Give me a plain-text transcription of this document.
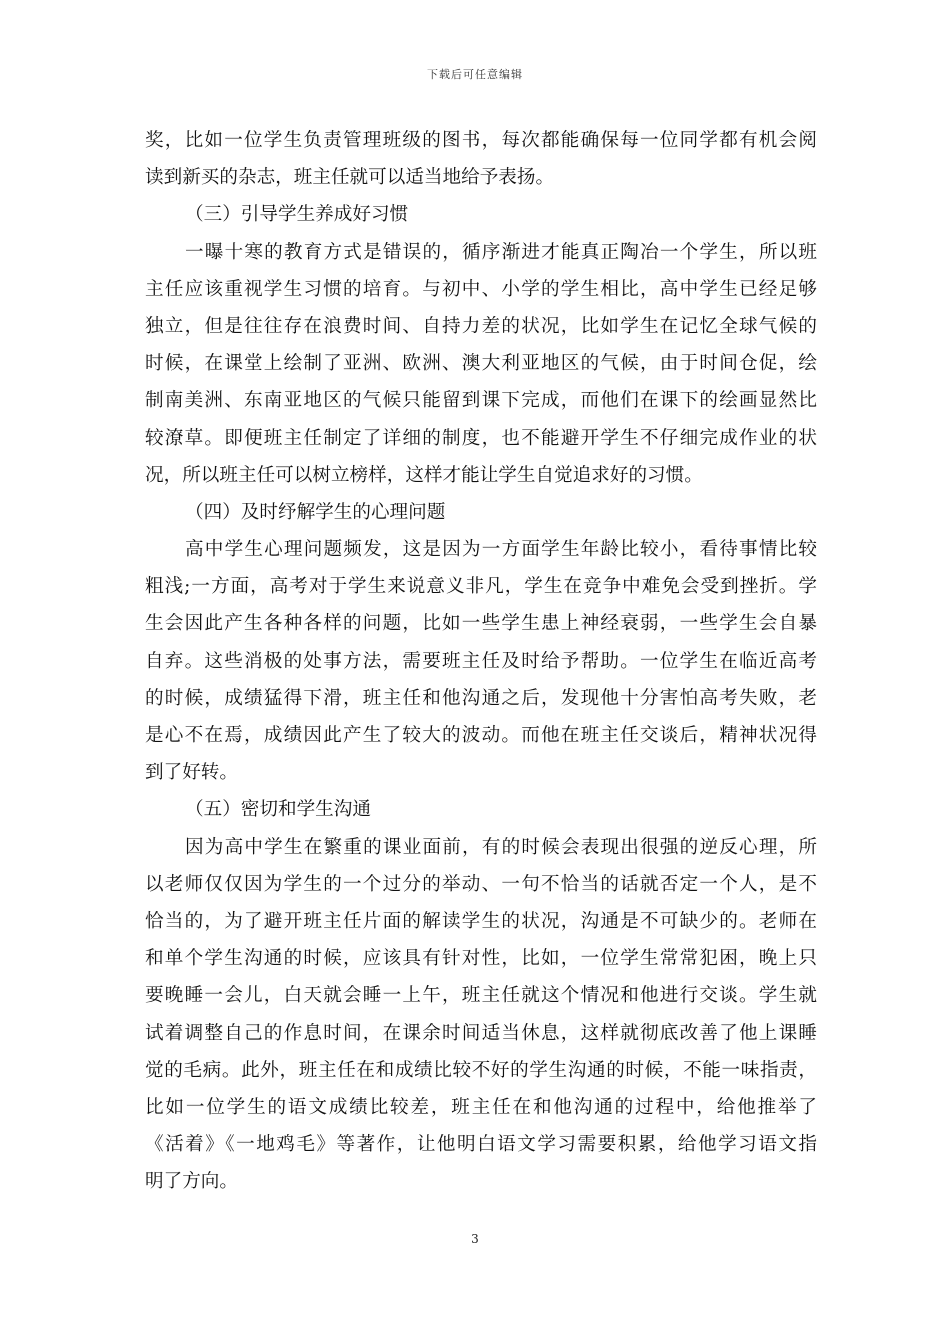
下载后可任意编辑
奖，比如一位学生负责管理班级的图书，每次都能确保每一位同学都有机会阅
读到新买的杂志，班主任就可以适当地给予表扬。
（三）引导学生养成好习惯
一曝十寒的教育方式是错误的，循序渐进才能真正陶冶一个学生，所以班
主任应该重视学生习惯的培育。与初中、小学的学生相比，高中学生已经足够
独立，但是往往存在浪费时间、自持力差的状况，比如学生在记忆全球气候的
时候，在课堂上绘制了亚洲、欧洲、澳大利亚地区的气候，由于时间仓促，绘
制南美洲、东南亚地区的气候只能留到课下完成，而他们在课下的绘画显然比
较潦草。即便班主任制定了详细的制度，也不能避开学生不仔细完成作业的状
况，所以班主任可以树立榜样，这样才能让学生自觉追求好的习惯。
（四）及时纾解学生的心理问题
高中学生心理问题频发，这是因为一方面学生年龄比较小，看待事情比较
粗浅;一方面，高考对于学生来说意义非凡，学生在竞争中难免会受到挫折。学
生会因此产生各种各样的问题，比如一些学生患上神经衰弱，一些学生会自暴
自弃。这些消极的处事方法，需要班主任及时给予帮助。一位学生在临近高考
的时候，成绩猛得下滑，班主任和他沟通之后，发现他十分害怕高考失败，老
是心不在焉，成绩因此产生了较大的波动。而他在班主任交谈后，精神状况得
到了好转。
（五）密切和学生沟通
因为高中学生在繁重的课业面前，有的时候会表现出很强的逆反心理，所
以老师仅仅因为学生的一个过分的举动、一句不恰当的话就否定一个人，是不
恰当的，为了避开班主任片面的解读学生的状况，沟通是不可缺少的。老师在
和单个学生沟通的时候，应该具有针对性，比如，一位学生常常犯困，晚上只
要晚睡一会儿，白天就会睡一上午，班主任就这个情况和他进行交谈。学生就
试着调整自己的作息时间，在课余时间适当休息，这样就彻底改善了他上课睡
觉的毛病。此外，班主任在和成绩比较不好的学生沟通的时候，不能一味指责，
比如一位学生的语文成绩比较差，班主任在和他沟通的过程中，给他推举了
《活着》《一地鸡毛》等著作，让他明白语文学习需要积累，给他学习语文指
明了方向。
3
